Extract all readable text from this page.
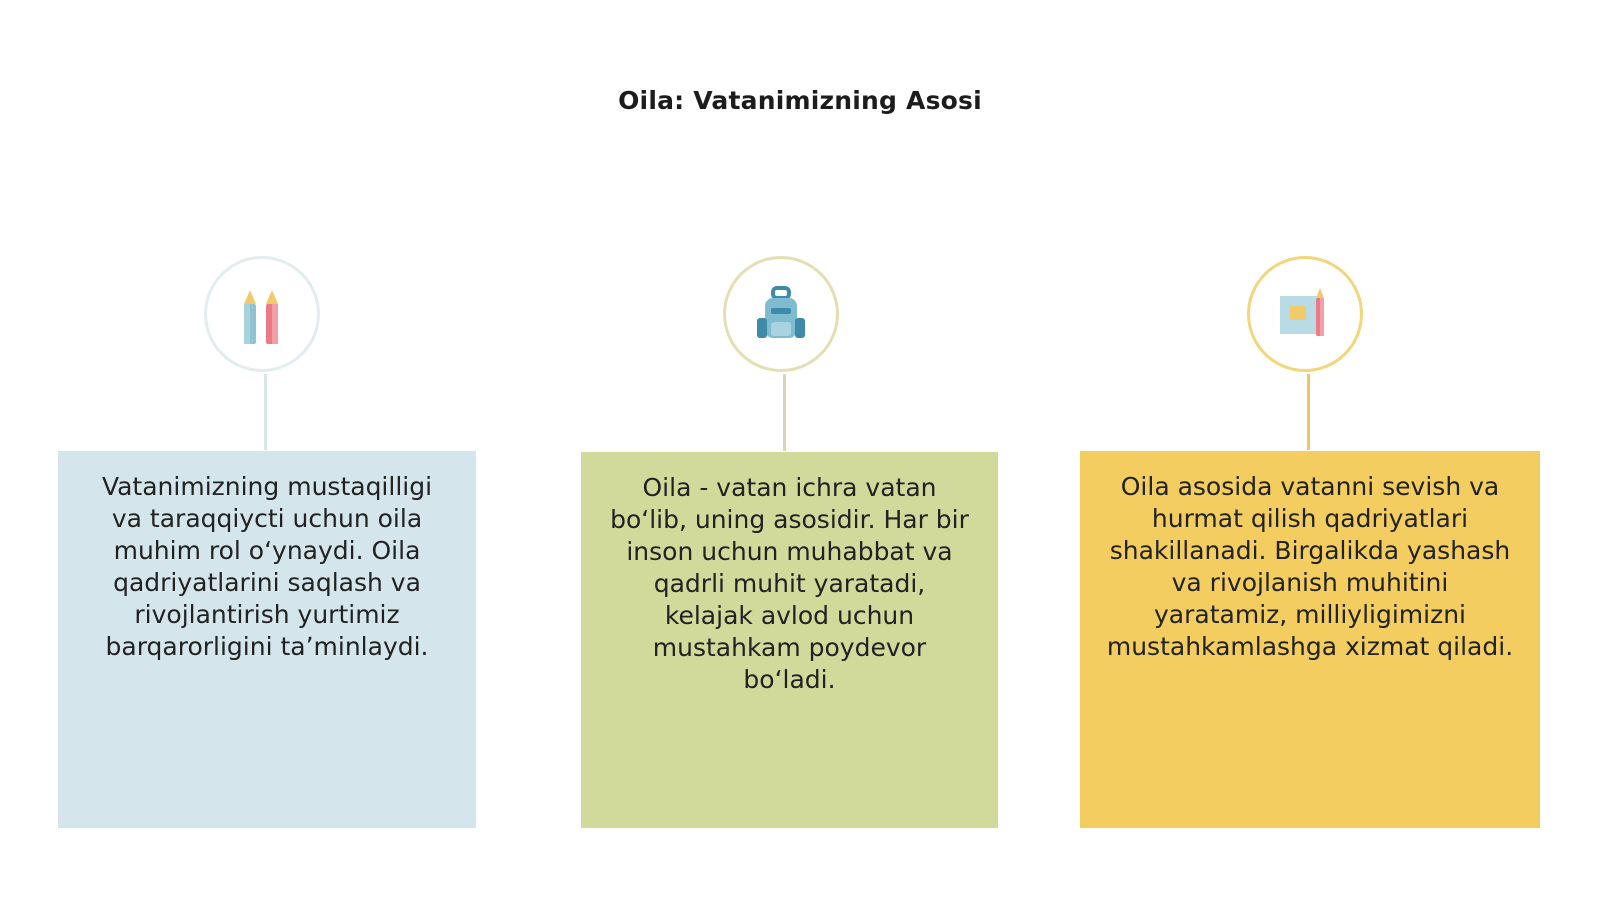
Oila: Vatanimizning Asosi
Vatanimizning mustaqilligi va taraqqiycti uchun oila muhim rol oʻynaydi. Oila qadriyatlarini saqlash va rivojlantirish yurtimiz barqarorligini taʼminlaydi.
Oila - vatan ichra vatan boʻlib, uning asosidir. Har bir inson uchun muhabbat va qadrli muhit yaratadi, kelajak avlod uchun mustahkam poydevor boʻladi.
Oila asosida vatanni sevish va hurmat qilish qadriyatlari shakillanadi. Birgalikda yashash va rivojlanish muhitini yaratamiz, milliyligimizni mustahkamlashga xizmat qiladi.
